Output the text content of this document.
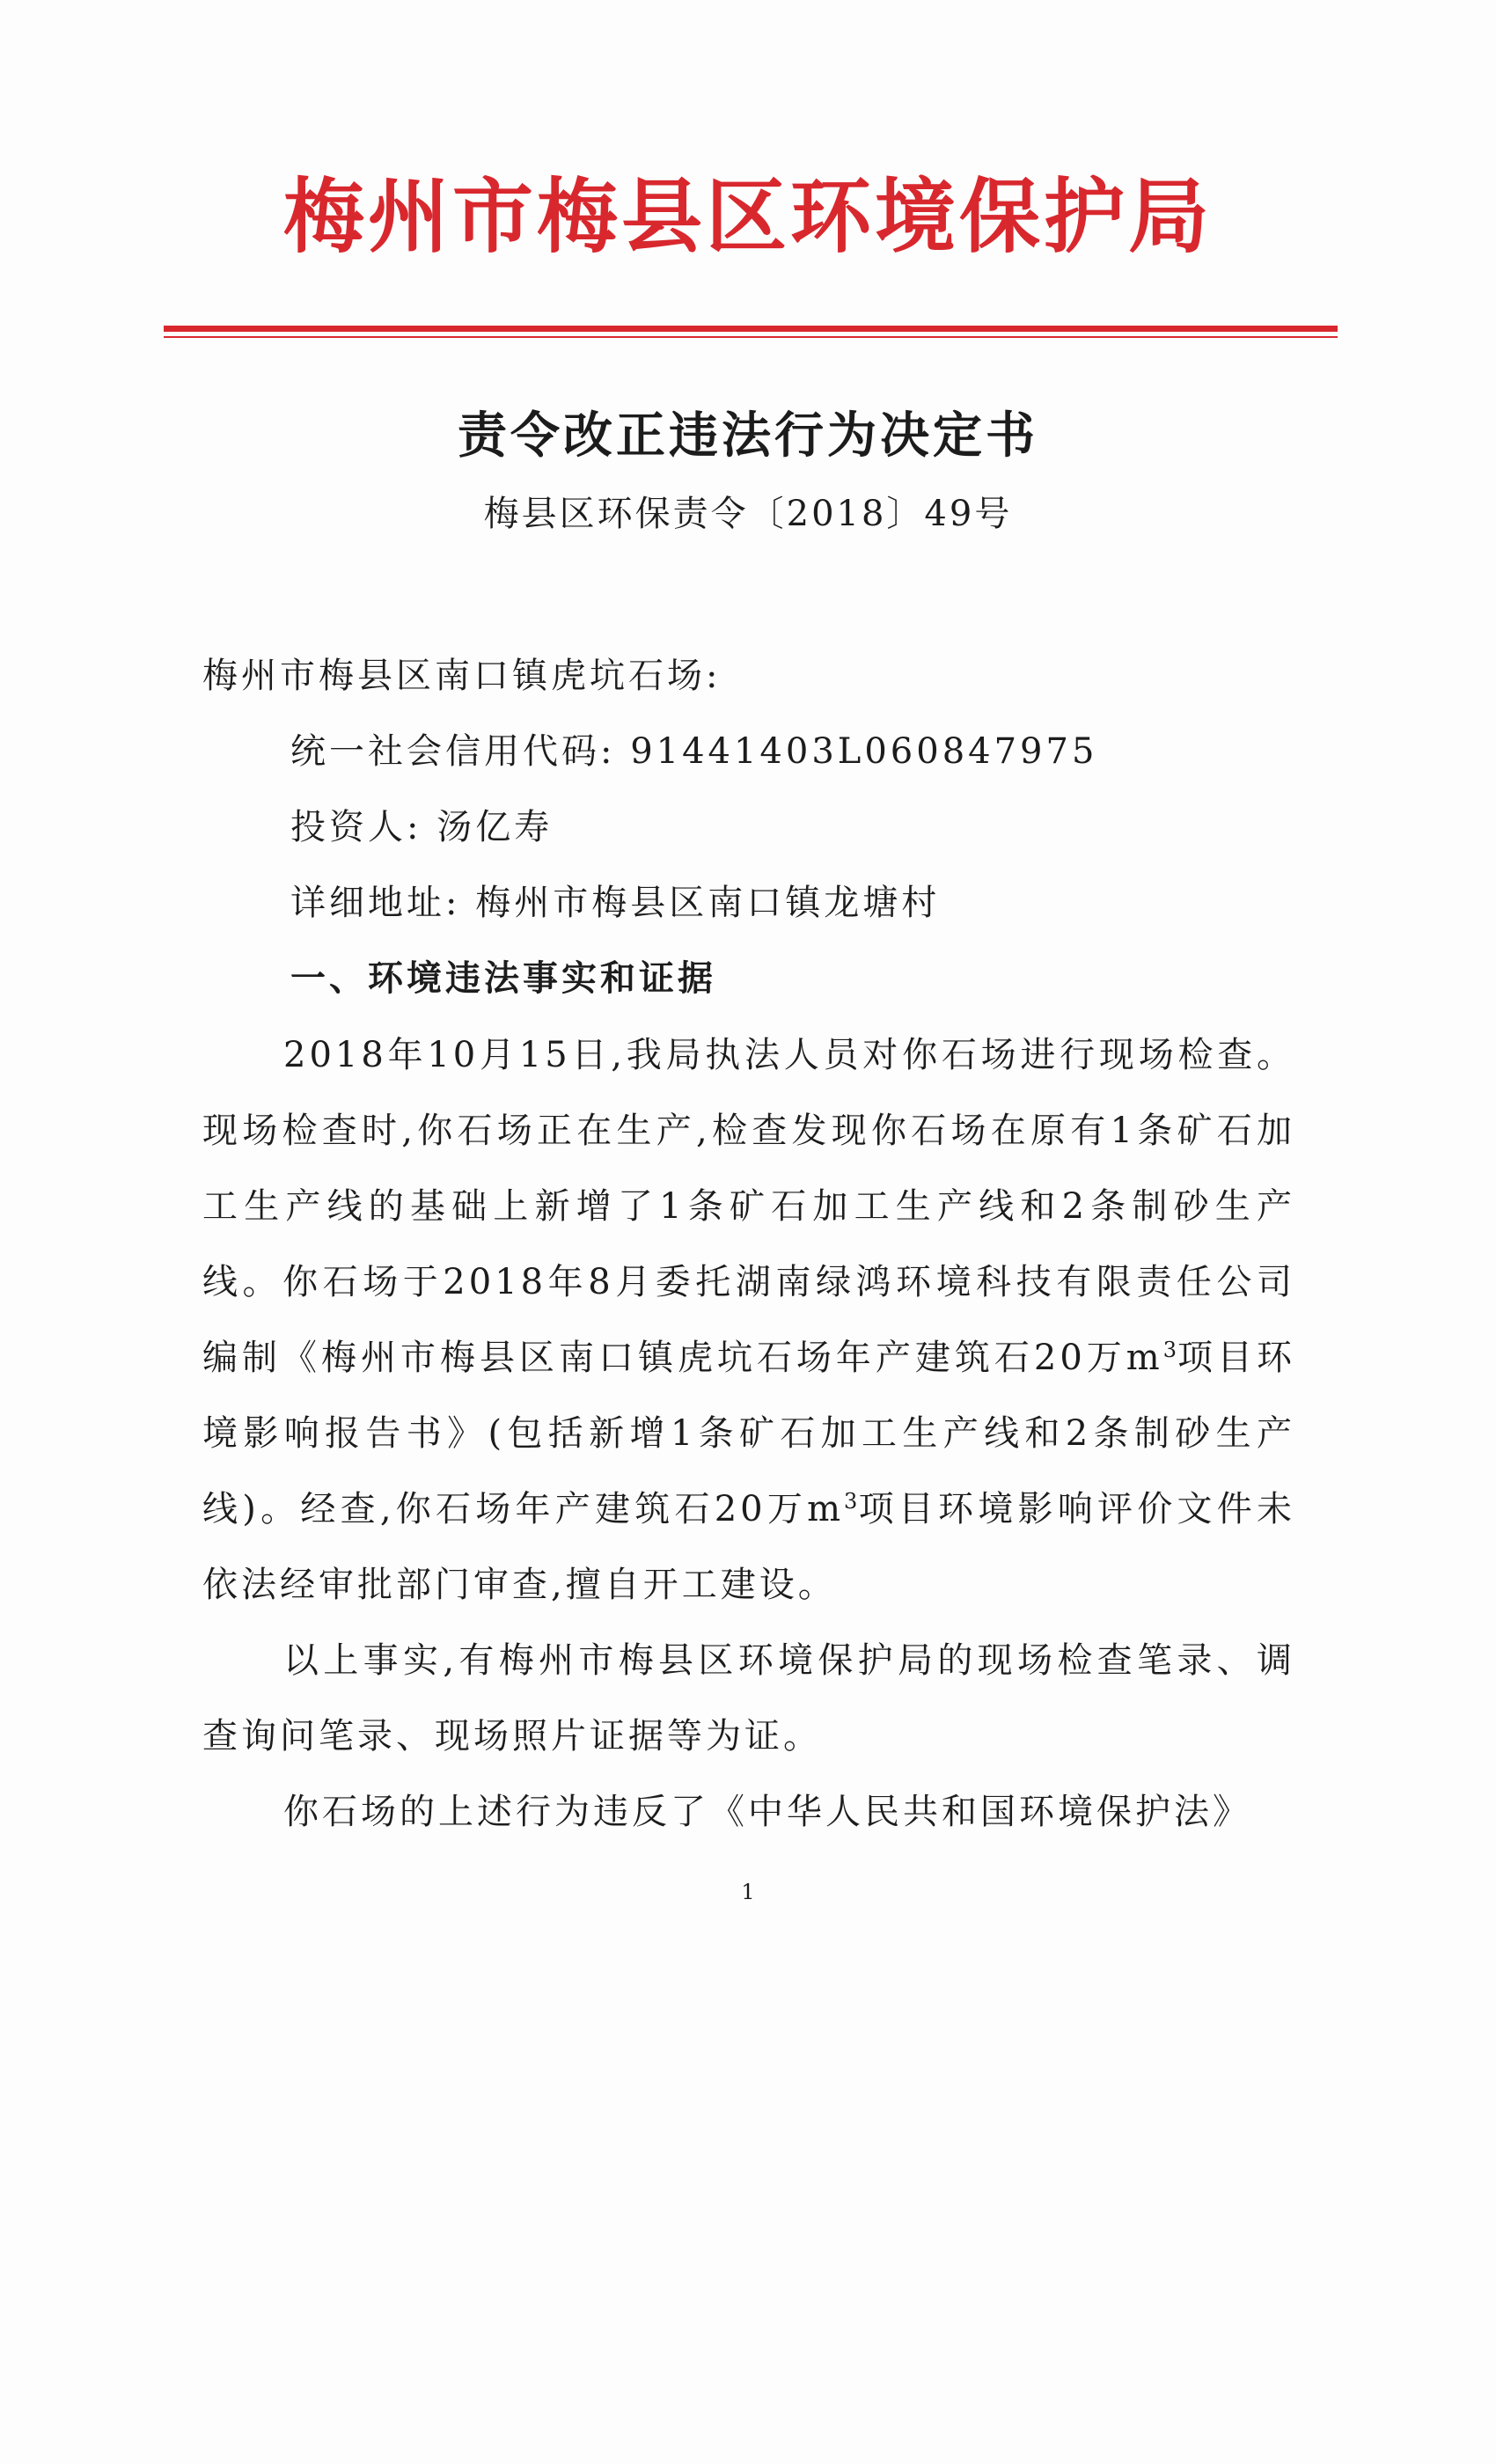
梅州市梅县区环境保护局
责令改正违法行为决定书
梅县区环保责令〔2018〕49号
梅州市梅县区南口镇虎坑石场:
统一社会信用代码: 91441403L060847975
投资人: 汤亿寿
详细地址: 梅州市梅县区南口镇龙塘村
一、环境违法事实和证据
2018年10月15日,我局执法人员对你石场进行现场检查。现场检查时,你石场正在生产,检查发现你石场在原有1条矿石加工生产线的基础上新增了1条矿石加工生产线和2条制砂生产线。你石场于2018年8月委托湖南绿鸿环境科技有限责任公司编制《梅州市梅县区南口镇虎坑石场年产建筑石20万$m^3$项目环境影响报告书》(包括新增1条矿石加工生产线和2条制砂生产线)。经查,你石场年产建筑石20万$m^3$项目环境影响评价文件未依法经审批部门审查,擅自开工建设。
以上事实,有梅州市梅县区环境保护局的现场检查笔录、调查询问笔录、现场照片证据等为证。
你石场的上述行为违反了《中华人民共和国环境保护法》
1
